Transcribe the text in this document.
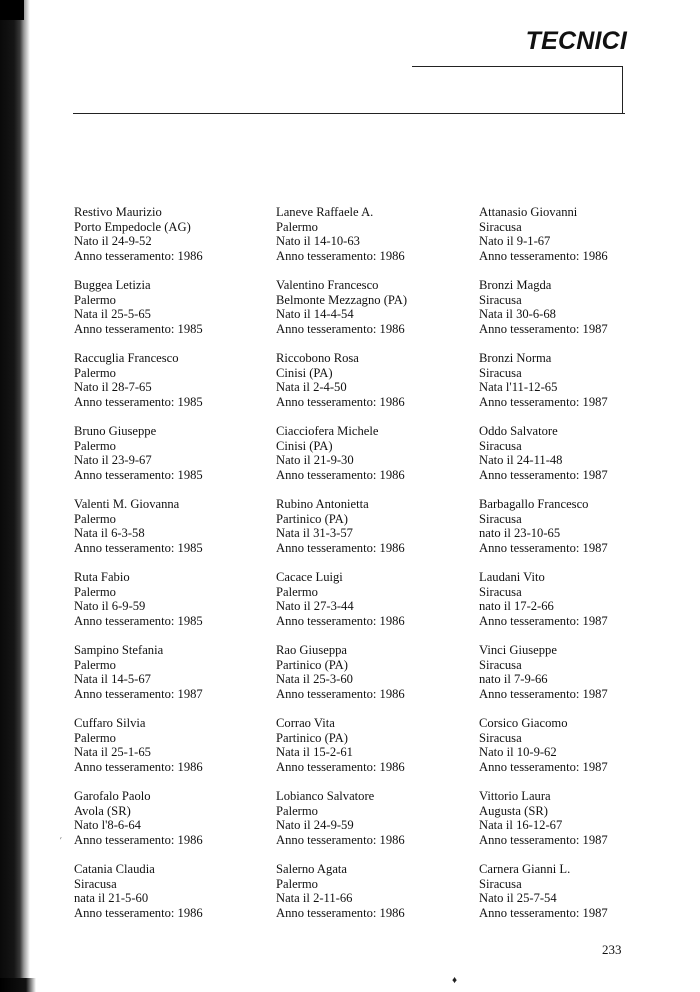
TECNICI
Restivo Maurizio
Porto Empedocle (AG)
Nato il 24-9-52
Anno tesseramento: 1986
Buggea Letizia
Palermo
Nata il 25-5-65
Anno tesseramento: 1985
Raccuglia Francesco
Palermo
Nato il 28-7-65
Anno tesseramento: 1985
Bruno Giuseppe
Palermo
Nato il 23-9-67
Anno tesseramento: 1985
Valenti M. Giovanna
Palermo
Nata il 6-3-58
Anno tesseramento: 1985
Ruta Fabio
Palermo
Nato il 6-9-59
Anno tesseramento: 1985
Sampino Stefania
Palermo
Nata il 14-5-67
Anno tesseramento: 1987
Cuffaro Silvia
Palermo
Nata il 25-1-65
Anno tesseramento: 1986
Garofalo Paolo
Avola (SR)
Nato l'8-6-64
Anno tesseramento: 1986
Catania Claudia
Siracusa
nata il 21-5-60
Anno tesseramento: 1986
Laneve Raffaele A.
Palermo
Nato il 14-10-63
Anno tesseramento: 1986
Valentino Francesco
Belmonte Mezzagno (PA)
Nato il 14-4-54
Anno tesseramento: 1986
Riccobono Rosa
Cinisi (PA)
Nata il 2-4-50
Anno tesseramento: 1986
Ciacciofera Michele
Cinisi (PA)
Nato il 21-9-30
Anno tesseramento: 1986
Rubino Antonietta
Partinico (PA)
Nata il 31-3-57
Anno tesseramento: 1986
Cacace Luigi
Palermo
Nato il 27-3-44
Anno tesseramento: 1986
Rao Giuseppa
Partinico (PA)
Nata il 25-3-60
Anno tesseramento: 1986
Corrao Vita
Partinico (PA)
Nata il 15-2-61
Anno tesseramento: 1986
Lobianco Salvatore
Palermo
Nato il 24-9-59
Anno tesseramento: 1986
Salerno Agata
Palermo
Nata il 2-11-66
Anno tesseramento: 1986
Attanasio Giovanni
Siracusa
Nato il 9-1-67
Anno tesseramento: 1986
Bronzi Magda
Siracusa
Nata il 30-6-68
Anno tesseramento: 1987
Bronzi Norma
Siracusa
Nata l'11-12-65
Anno tesseramento: 1987
Oddo Salvatore
Siracusa
Nato il 24-11-48
Anno tesseramento: 1987
Barbagallo Francesco
Siracusa
nato il 23-10-65
Anno tesseramento: 1987
Laudani Vito
Siracusa
nato il 17-2-66
Anno tesseramento: 1987
Vinci Giuseppe
Siracusa
nato il 7-9-66
Anno tesseramento: 1987
Corsico Giacomo
Siracusa
Nato il 10-9-62
Anno tesseramento: 1987
Vittorio Laura
Augusta (SR)
Nata il 16-12-67
Anno tesseramento: 1987
Carnera Gianni L.
Siracusa
Nato il 25-7-54
Anno tesseramento: 1987
´
233
♦
